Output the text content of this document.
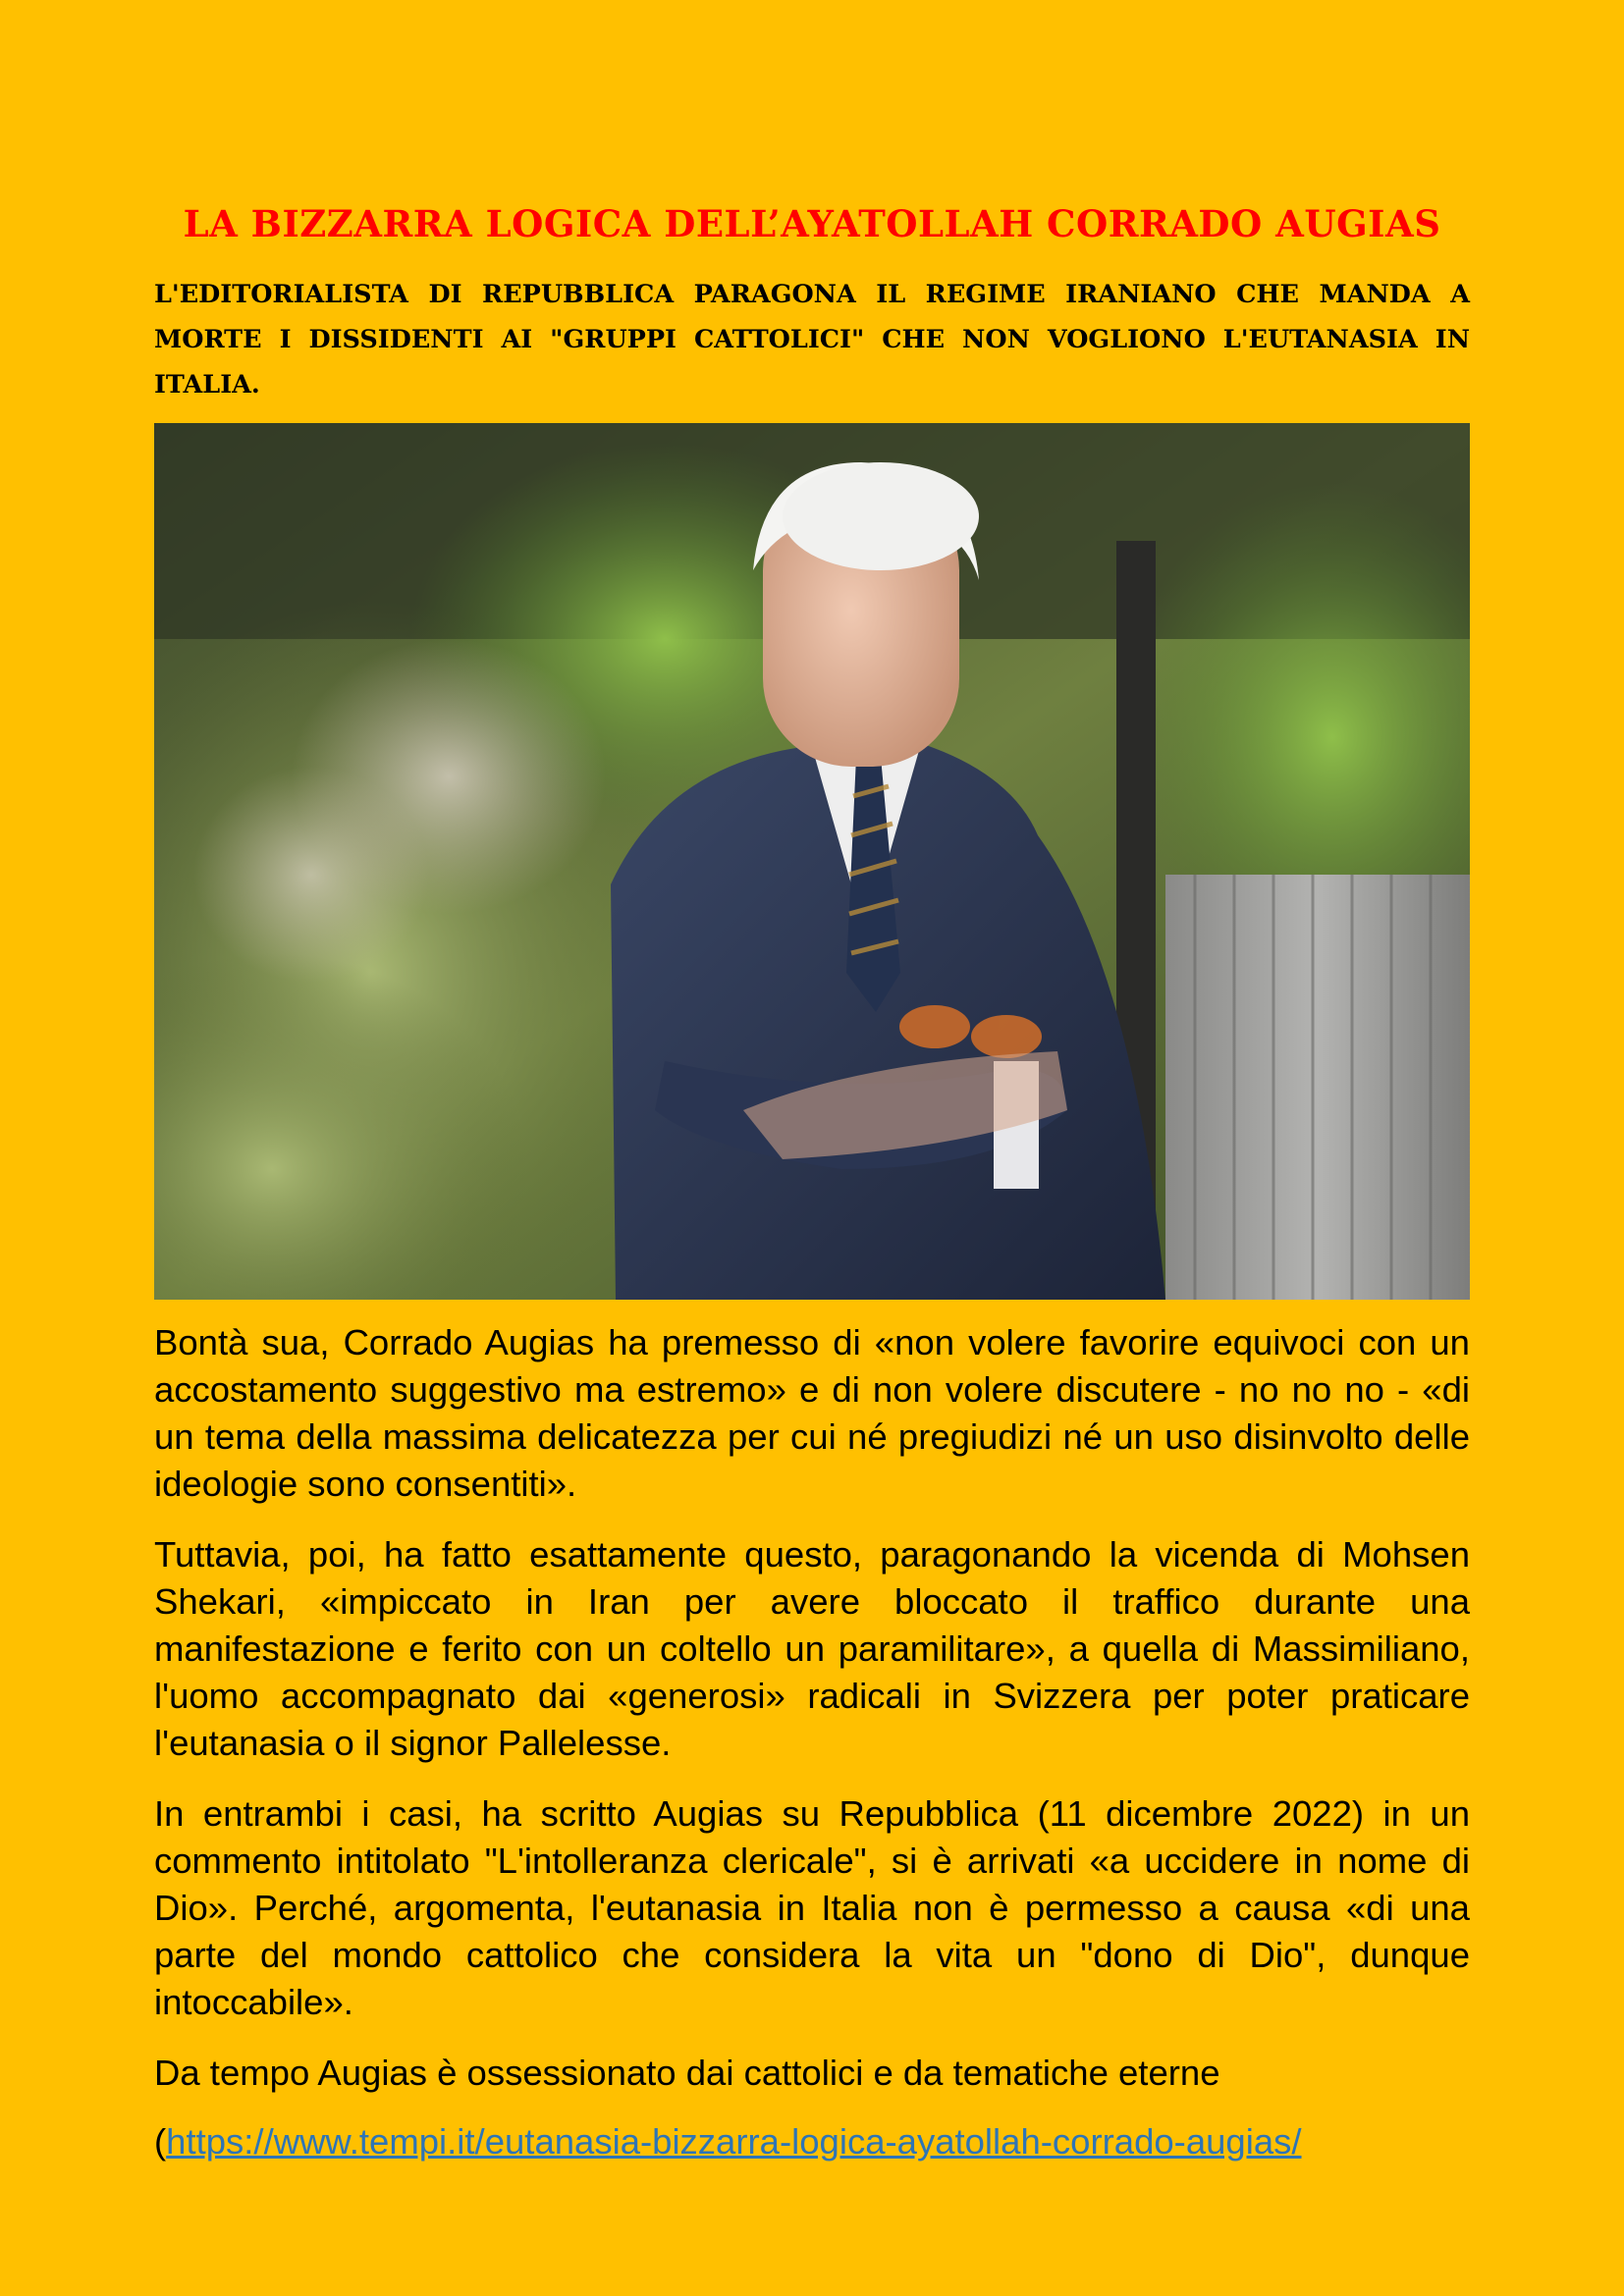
LA BIZZARRA LOGICA DELL’AYATOLLAH CORRADO AUGIAS

L'EDITORIALISTA DI REPUBBLICA PARAGONA IL REGIME IRANIANO CHE MANDA A MORTE I DISSIDENTI AI "GRUPPI CATTOLICI" CHE NON VOGLIONO L'EUTANASIA IN ITALIA.

Bontà sua, Corrado Augias ha premesso di «non volere favorire equivoci con un accostamento suggestivo ma estremo» e di non volere discutere - no no no - «di un tema della massima delicatezza per cui né pregiudizi né un uso disinvolto delle ideologie sono consentiti».

Tuttavia, poi, ha fatto esattamente questo, paragonando la vicenda di Mohsen Shekari, «impiccato in Iran per avere bloccato il traffico durante una manifestazione e ferito con un coltello un paramilitare», a quella di Massimiliano, l'uomo accompagnato dai «generosi» radicali in Svizzera per poter praticare l'eutanasia o il signor Pallelesse.

In entrambi i casi, ha scritto Augias su Repubblica (11 dicembre 2022) in un commento intitolato "L'intolleranza clericale", si è arrivati «a uccidere in nome di Dio». Perché, argomenta, l'eutanasia in Italia non è permesso a causa «di una parte del mondo cattolico che considera la vita un "dono di Dio", dunque intoccabile».

Da tempo Augias è ossessionato dai cattolici e da tematiche eterne

(https://www.tempi.it/eutanasia-bizzarra-logica-ayatollah-corrado-augias/
